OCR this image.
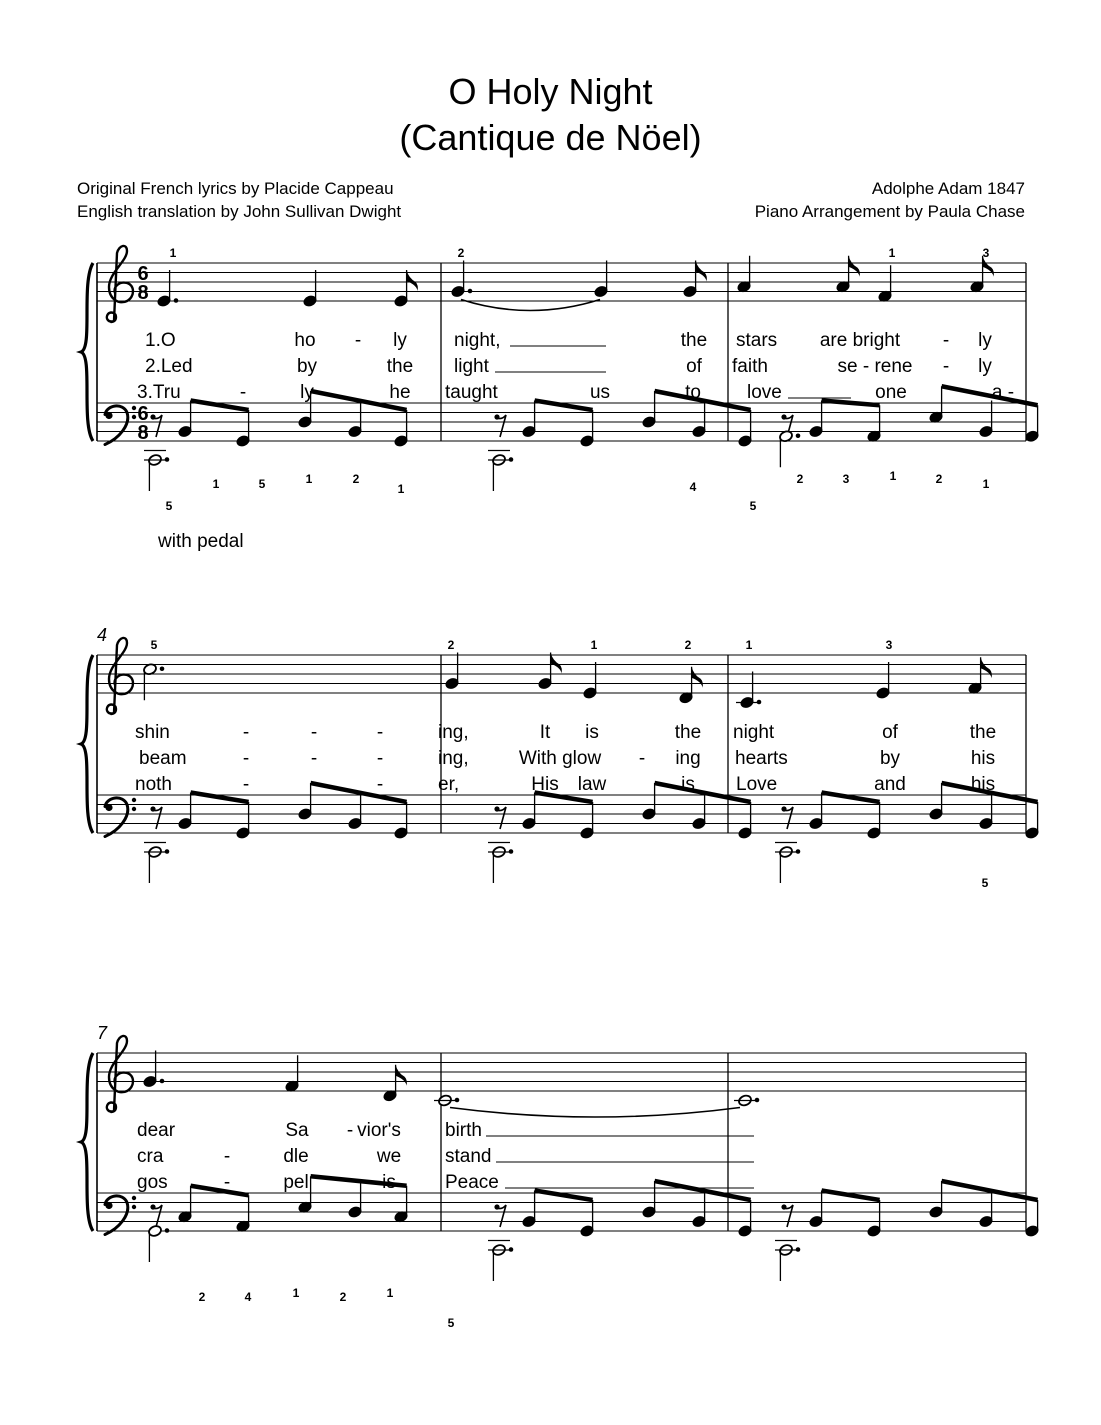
O Holy Night
(Cantique de Nöel)
Original French lyrics by Placide Cappeau
English translation by John Sullivan Dwight
Adolphe Adam 1847
Piano Arrangement by Paula Chase
6
8
6
8
1
1	5	1	2
1
5
1.O	ho - ly
2.Led	by	the
3.Tru	-	ly	he
2
4
night,	the
light	of
taught	us	to
1	3
2	3	1	2	1
5
stars are bright - ly
faith	se - rene - ly
love	one	a -
4	5
shin	-	-	-
beam	-	-	-
noth	-	-	-
2	1	2
ing,	It is	the
ing,	With glow - ing
er,	His law	is
1	3
5
night	of	the
hearts	by	his
Love	and	his
7
2	4	1	2	1
dear	Sa - vior's
cra	-	dle	we
gos	-	pel	is
5
birth
stand
Peace
with pedal
